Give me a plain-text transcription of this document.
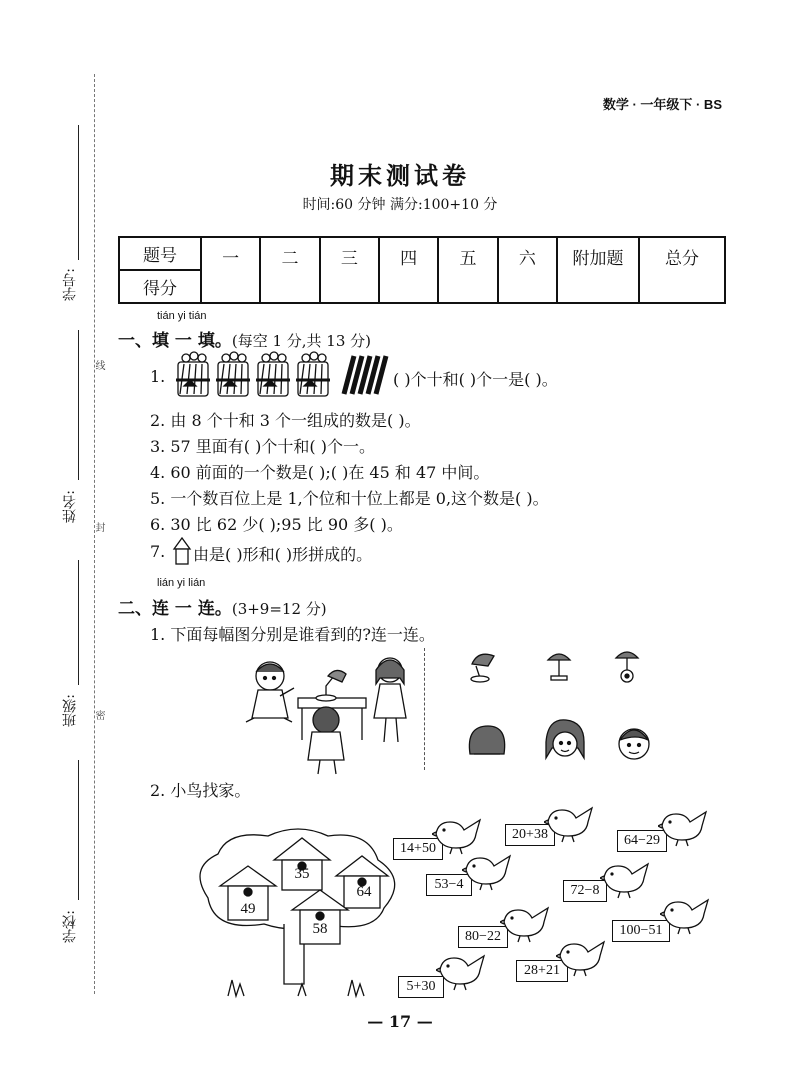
数学 · 一年级下 · BS
期末测试卷
时间:60 分钟 满分:100+10 分
学号:
线
姓名:
封
班级: 密
学校:
题号	一	二	三	四	五	六	附加题	总分
得分
tián yi tián
一、填 一 填。(每空 1 分,共 13 分)
1.	( )个十和( )个一是( )。
2. 由 8 个十和 3 个一组成的数是( )。
3. 57 里面有( )个十和( )个一。
4. 60 前面的一个数是( );( )在 45 和 47 中间。
5. 一个数百位上是 1,个位和十位上都是 0,这个数是( )。
6. 30 比 62 少( );95 比 90 多( )。
7. 由是( )形和( )形拼成的。
lián yi lián
二、连 一 连。(3+9=12 分)
1. 下面每幅图分别是谁看到的?连一连。
2. 小鸟找家。
35
49
64
58
14+50
20+38	64−29
53−4	72−8
80−22	100−51
28+21
5+30
— 17 —
